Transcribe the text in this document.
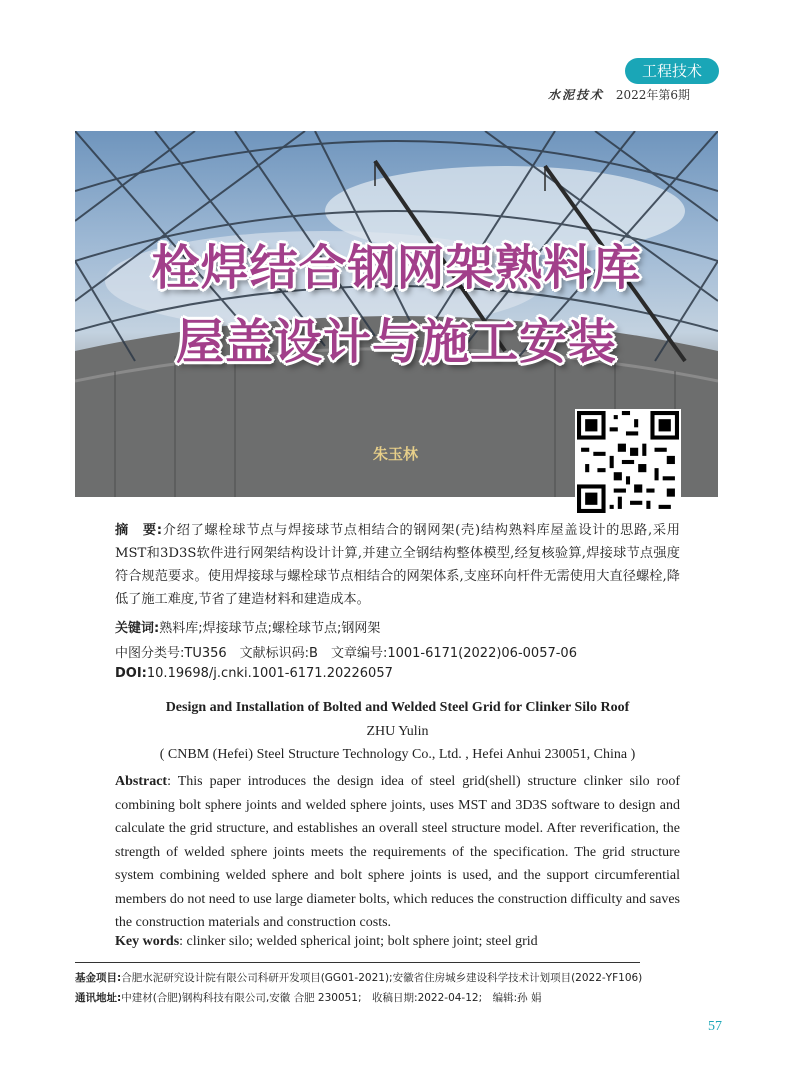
工程技术
水泥技术 2022年第6期
栓焊结合钢网架熟料库
屋盖设计与施工安装
朱玉林
摘　要:介绍了螺栓球节点与焊接球节点相结合的钢网架(壳)结构熟料库屋盖设计的思路,采用MST和3D3S软件进行网架结构设计计算,并建立全钢结构整体模型,经复核验算,焊接球节点强度符合规范要求。使用焊接球与螺栓球节点相结合的网架体系,支座环向杆件无需使用大直径螺栓,降低了施工难度,节省了建造材料和建造成本。
关键词:熟料库;焊接球节点;螺栓球节点;钢网架
中图分类号:TU356　文献标识码:B　文章编号:1001-6171(2022)06-0057-06
DOI:10.19698/j.cnki.1001-6171.20226057
Design and Installation of Bolted and Welded Steel Grid for Clinker Silo Roof
ZHU Yulin
( CNBM (Hefei) Steel Structure Technology Co., Ltd. , Hefei Anhui 230051, China )
Abstract: This paper introduces the design idea of steel grid(shell) structure clinker silo roof combining bolt sphere joints and welded sphere joints, uses MST and 3D3S software to design and calculate the grid structure, and establishes an overall steel structure model. After reverification, the strength of welded sphere joints meets the requirements of the specification. The grid structure system combining welded sphere and bolt sphere joints is used, and the support circumferential members do not need to use large diameter bolts, which reduces the construction difficulty and saves the construction materials and construction costs.
Key words: clinker silo; welded spherical joint; bolt sphere joint; steel grid
基金项目:合肥水泥研究设计院有限公司科研开发项目(GG01-2021);安徽省住房城乡建设科学技术计划项目(2022-YF106)
通讯地址:中建材(合肥)钢构科技有限公司,安徽 合肥 230051;　收稿日期:2022-04-12;　编辑:孙 娟
57
